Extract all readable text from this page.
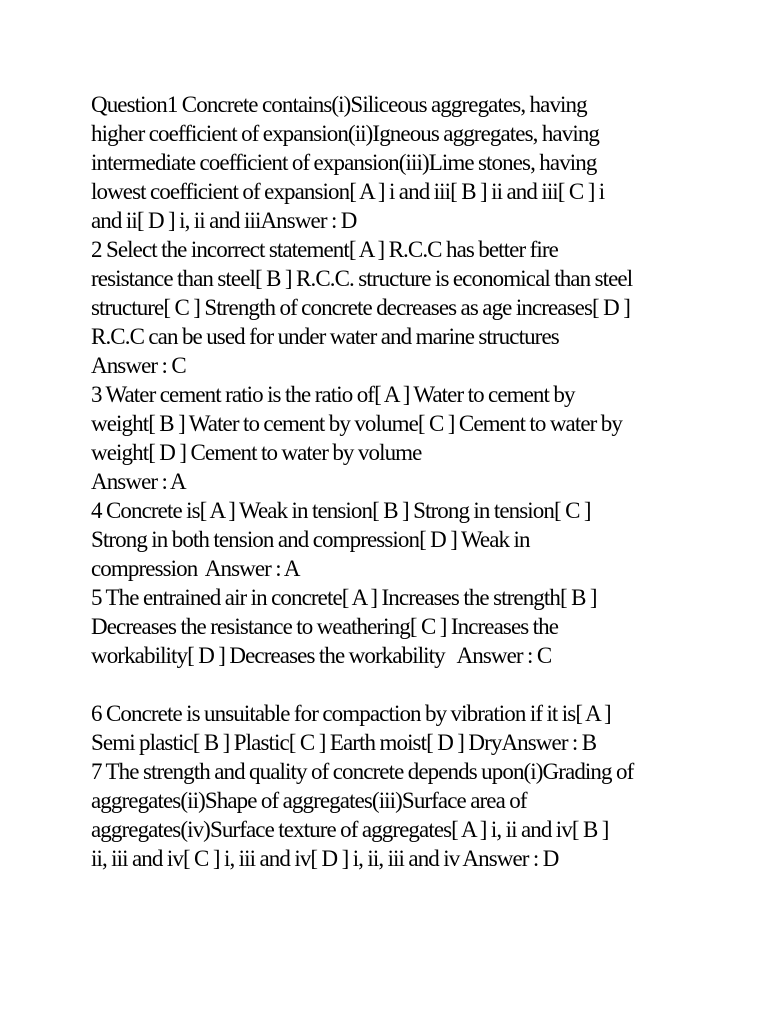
Question1 Concrete contains(i)Siliceous aggregates, having
higher coefficient of expansion(ii)Igneous aggregates, having
intermediate coefficient of expansion(iii)Lime stones, having
lowest coefficient of expansion[ A ] i and iii[ B ] ii and iii[ C ] i
and ii[ D ] i, ii and iiiAnswer : D
2 Select the incorrect statement[ A ] R.C.C has better fire
resistance than steel[ B ] R.C.C. structure is economical than steel
structure[ C ] Strength of concrete decreases as age increases[ D ]
R.C.C can be used for under water and marine structures
Answer : C
3 Water cement ratio is the ratio of[ A ] Water to cement by
weight[ B ] Water to cement by volume[ C ] Cement to water by
weight[ D ] Cement to water by volume
Answer : A
4 Concrete is[ A ] Weak in tension[ B ] Strong in tension[ C ]
Strong in both tension and compression[ D ] Weak in
compression  Answer : A
5 The entrained air in concrete[ A ] Increases the strength[ B ]
Decreases the resistance to weathering[ C ] Increases the
workability[ D ] Decreases the workability   Answer : C
6 Concrete is unsuitable for compaction by vibration if it is[ A ]
Semi plastic[ B ] Plastic[ C ] Earth moist[ D ] DryAnswer : B
7 The strength and quality of concrete depends upon(i)Grading of
aggregates(ii)Shape of aggregates(iii)Surface area of
aggregates(iv)Surface texture of aggregates[ A ] i, ii and iv[ B ]
ii, iii and iv[ C ] i, iii and iv[ D ] i, ii, iii and iv Answer : D
